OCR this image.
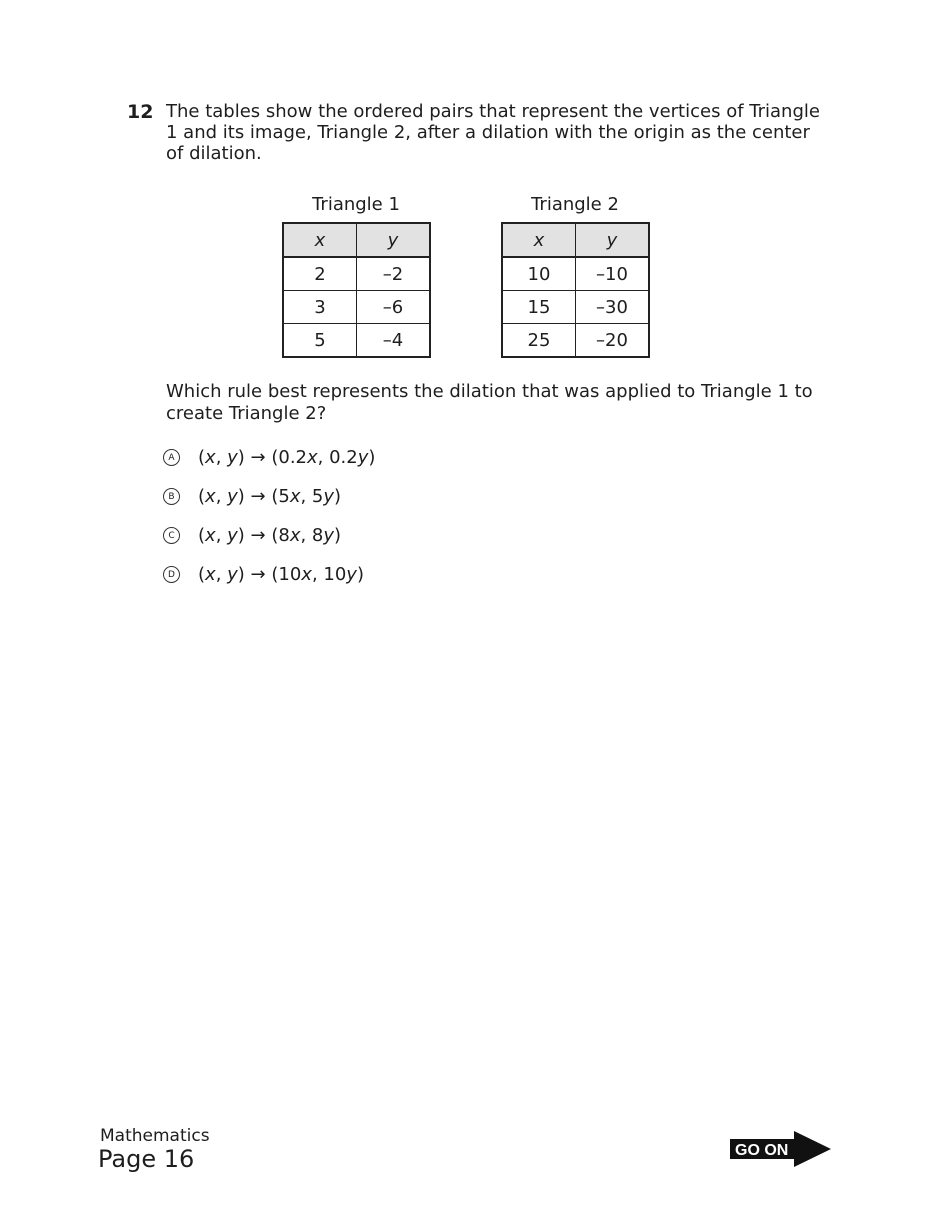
12 The tables show the ordered pairs that represent the vertices of Triangle 1 and its image, Triangle 2, after a dilation with the origin as the center of dilation.
Triangle 1
x	y
2	–2
3	–6
5	–4
Triangle 2
x	y
10	–10
15	–30
25	–20
Which rule best represents the dilation that was applied to Triangle 1 to create Triangle 2?
A	(x, y) → (0.2x, 0.2y)
B	(x, y) → (5x, 5y)
C (x, y) → (8x, 8y)
D (x, y) → (10x, 10y)
Mathematics
Page 16	GO ON
